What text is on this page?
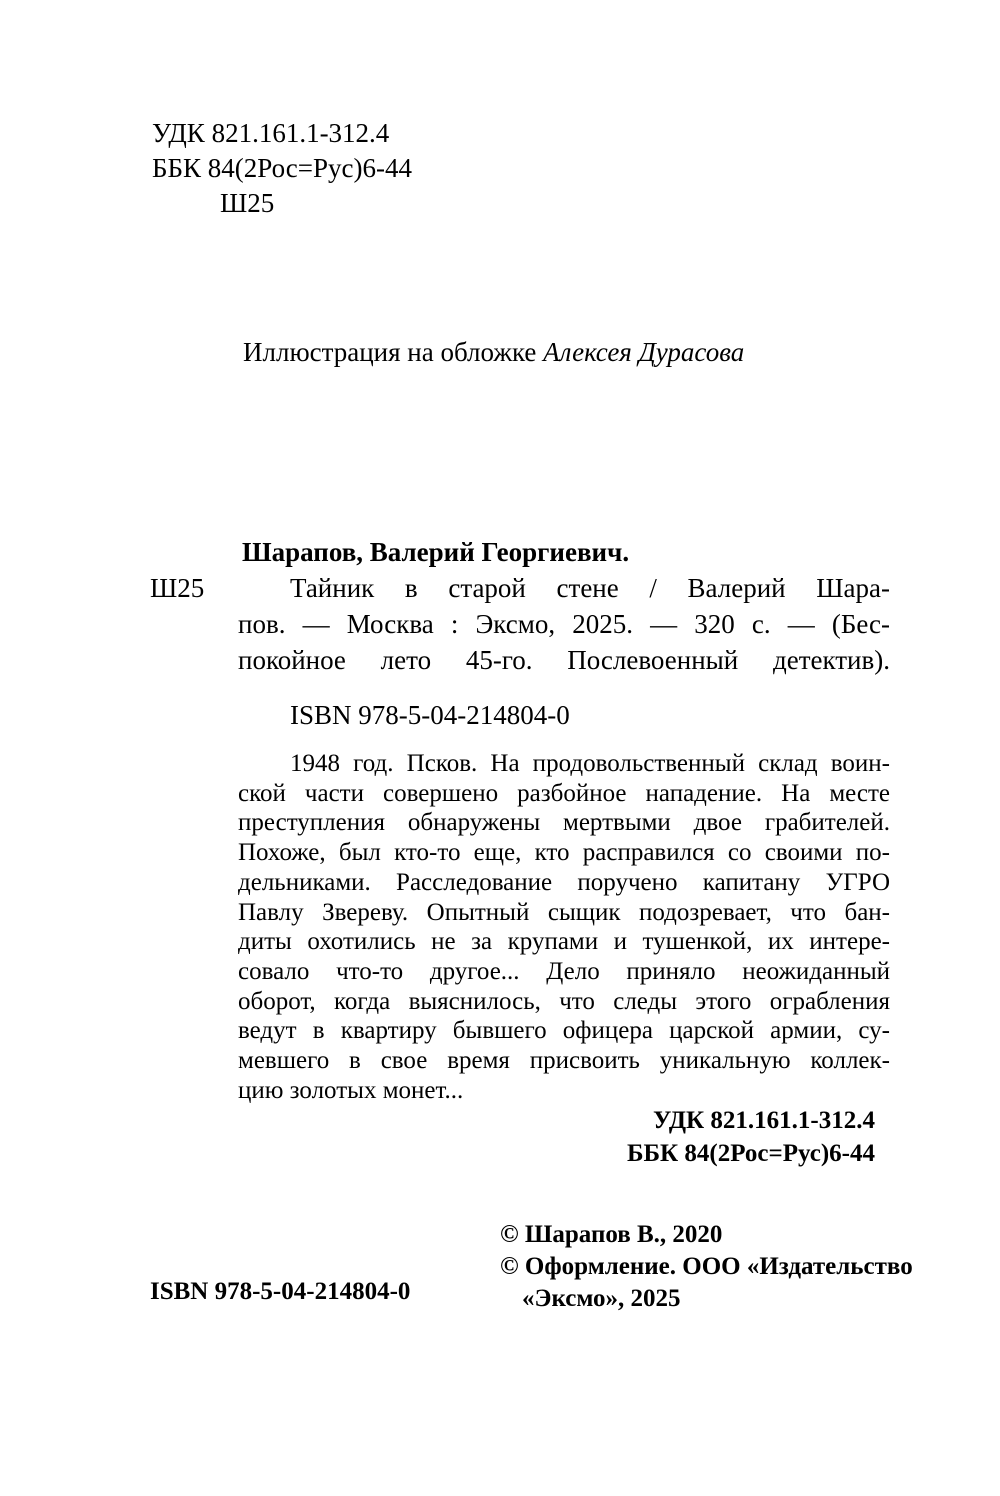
УДК 821.161.1-312.4
ББК 84(2Рос=Рус)6-44
Ш25
Иллюстрация на обложке Алексея Дурасова
Шарапов, Валерий Георгиевич.
Ш25	Тайник в старой стене / Валерий Шара-
пов. — Москва : Эксмо, 2025. — 320 с. — (Бес-
покойное лето 45-го. Послевоенный детектив).
ISBN 978-5-04-214804-0
1948 год. Псков. На продовольственный склад воин-
ской части совершено разбойное нападение. На месте
преступления обнаружены мертвыми двое грабителей.
Похоже, был кто-то еще, кто расправился со своими по-
дельниками. Расследование поручено капитану УГРО
Павлу Звереву. Опытный сыщик подозревает, что бан-
диты охотились не за крупами и тушенкой, их интере-
совало что-то другое... Дело приняло неожиданный
оборот, когда выяснилось, что следы этого ограбления
ведут в квартиру бывшего офицера царской армии, су-
мевшего в свое время присвоить уникальную коллек-
цию золотых монет...
УДК 821.161.1-312.4
ББК 84(2Рос=Рус)6-44
© Шарапов В., 2020
© Оформление. ООО «Издательство
«Эксмо», 2025
ISBN 978-5-04-214804-0
